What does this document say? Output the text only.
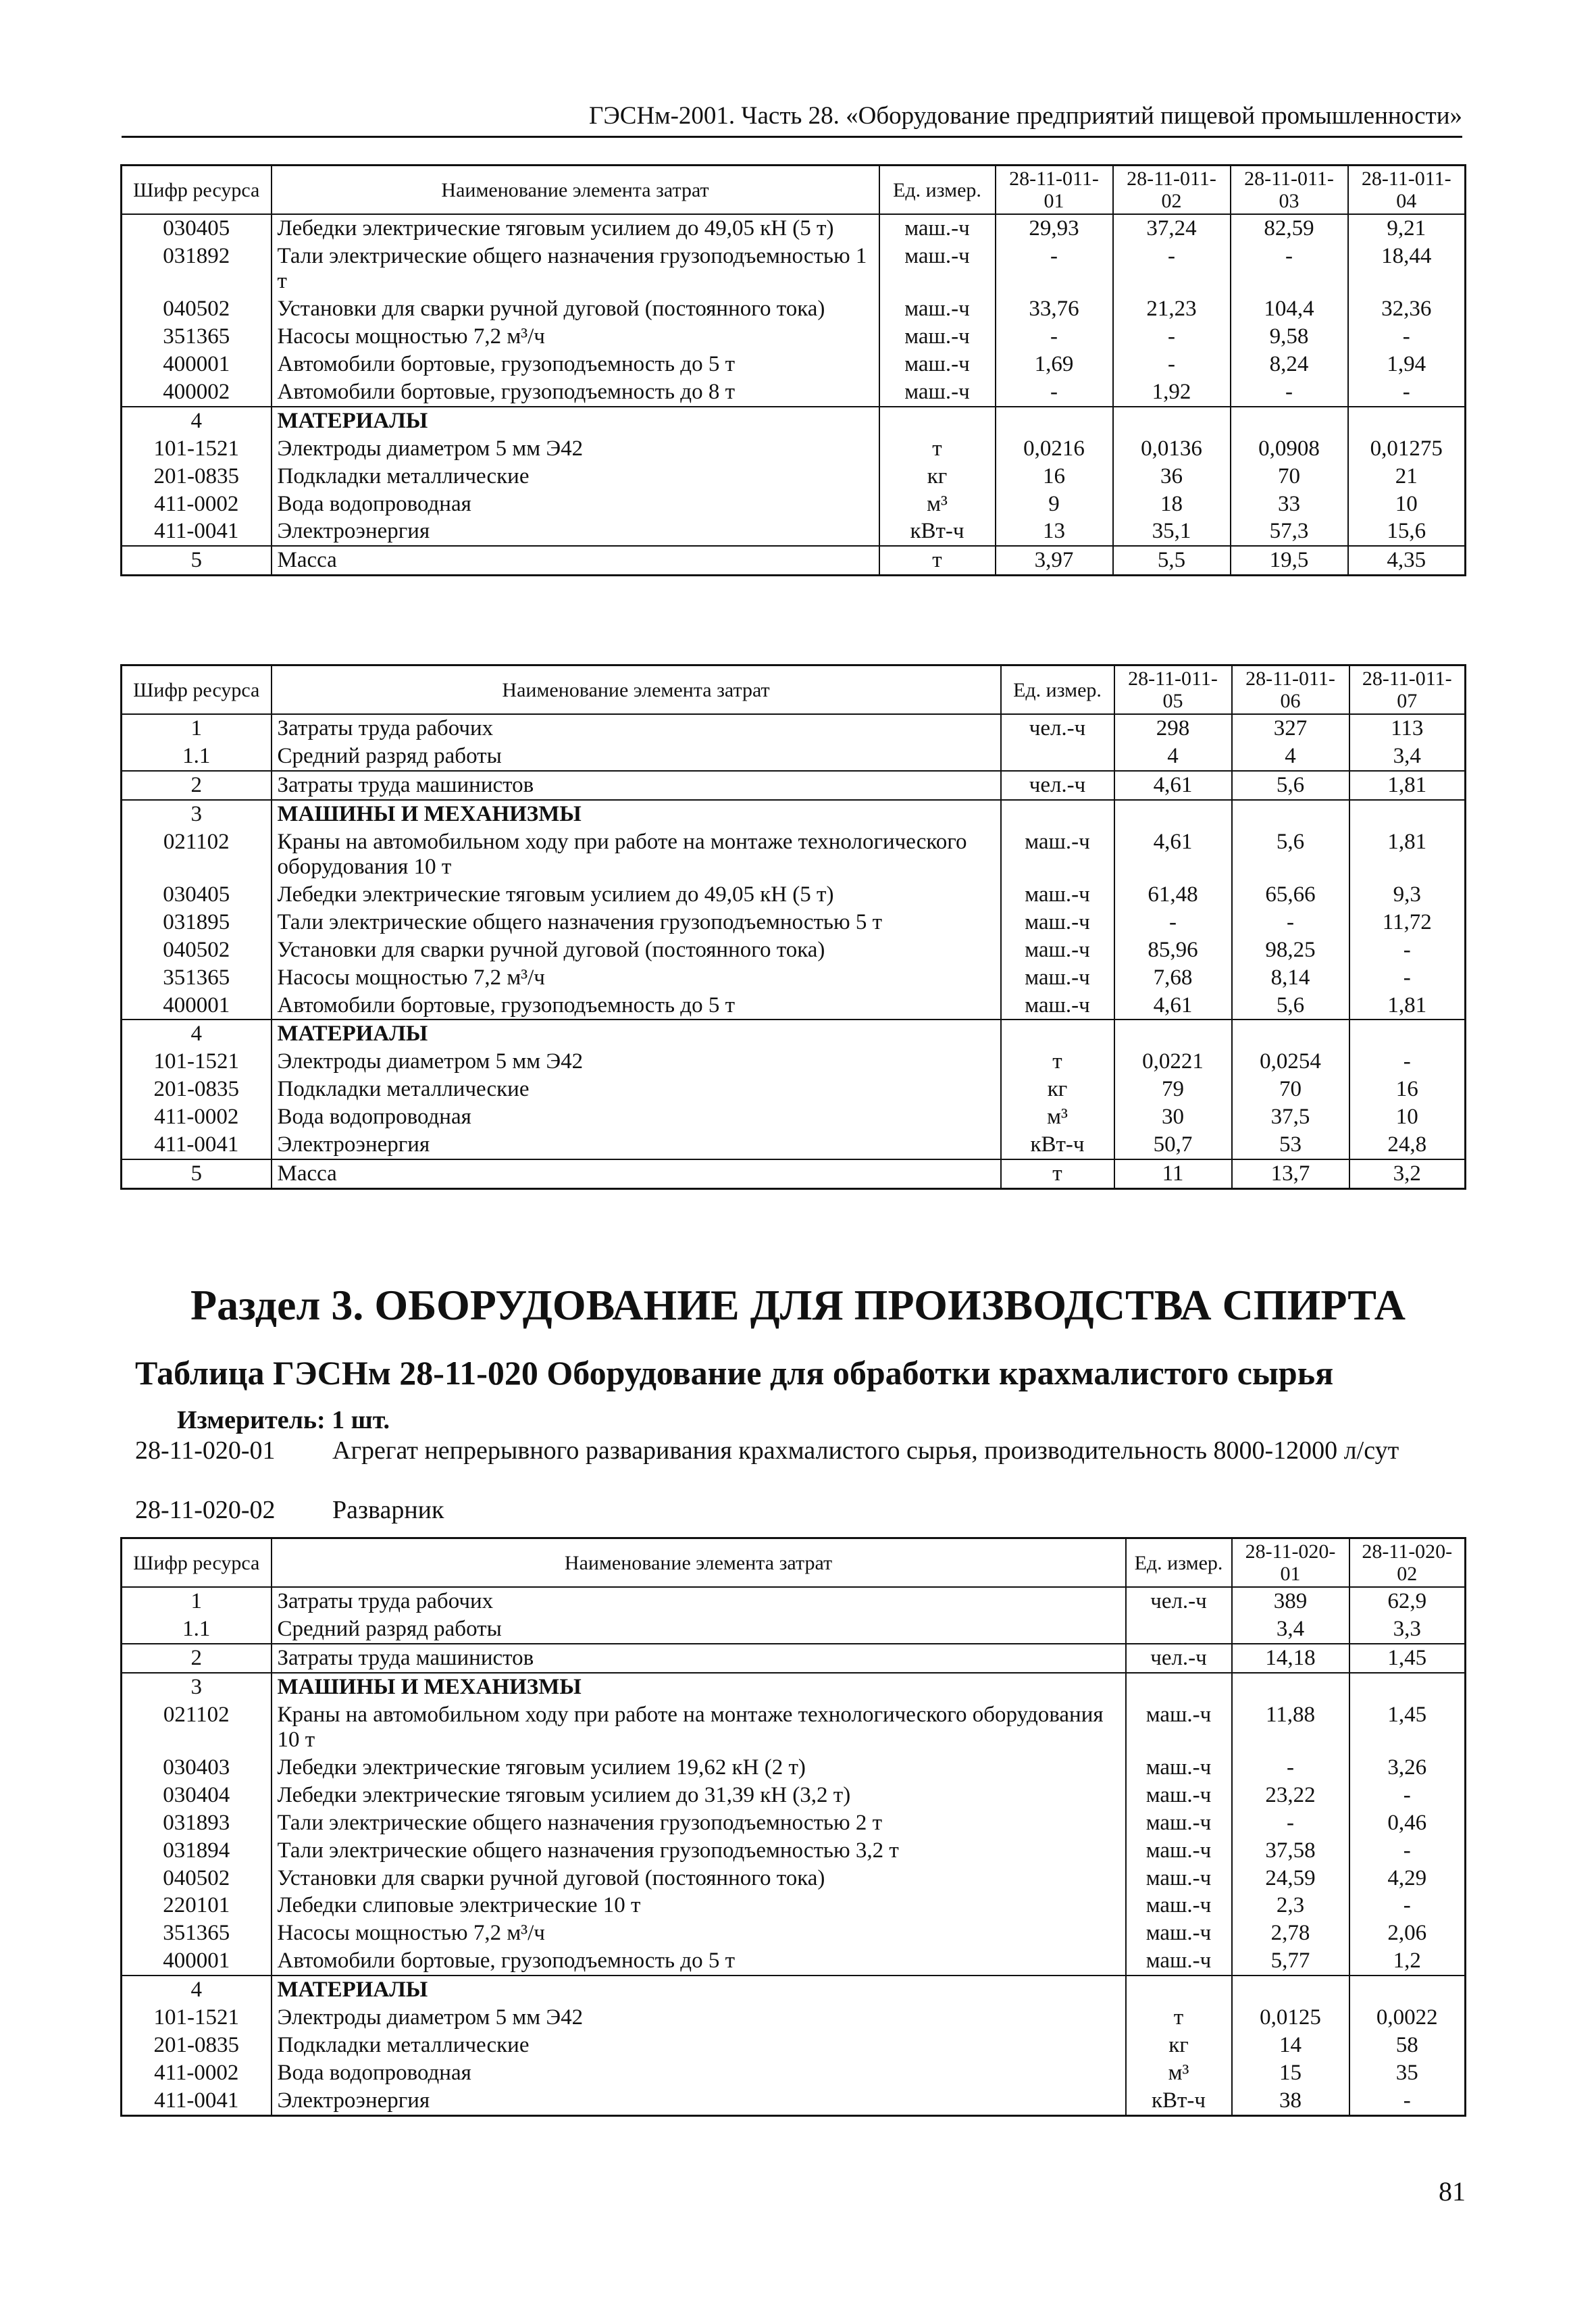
ГЭСНм-2001. Часть 28. «Оборудование предприятий пищевой промышленности»
Шифр ресурса	Наименование элемента затрат	Ед. измер.	28-11-011-01	28-11-011-02	28-11-011-03	28-11-011-04
030405	Лебедки электрические тяговым усилием до 49,05 кН (5 т)	маш.-ч	29,93	37,24	82,59	9,21
031892	Тали электрические общего назначения грузоподъемностью 1 т	маш.-ч	-	-	-	18,44
040502	Установки для сварки ручной дуговой (постоянного тока)	маш.-ч	33,76	21,23	104,4	32,36
351365	Насосы мощностью 7,2 м³/ч	маш.-ч	-	-	9,58	-
400001	Автомобили бортовые, грузоподъемность до 5 т	маш.-ч	1,69	-	8,24	1,94
400002	Автомобили бортовые, грузоподъемность до 8 т	маш.-ч	-	1,92	-	-
4	МАТЕРИАЛЫ					
101-1521	Электроды диаметром 5 мм Э42	т	0,0216	0,0136	0,0908	0,01275
201-0835	Подкладки металлические	кг	16	36	70	21
411-0002	Вода водопроводная	м³	9	18	33	10
411-0041	Электроэнергия	кВт-ч	13	35,1	57,3	15,6
5	Масса	т	3,97	5,5	19,5	4,35
Шифр ресурса	Наименование элемента затрат	Ед. измер.	28-11-011-05	28-11-011-06	28-11-011-07
1	Затраты труда рабочих	чел.-ч	298	327	113
1.1	Средний разряд работы		4	4	3,4
2	Затраты труда машинистов	чел.-ч	4,61	5,6	1,81
3	МАШИНЫ И МЕХАНИЗМЫ				
021102	Краны на автомобильном ходу при работе на монтаже технологического оборудования 10 т	маш.-ч	4,61	5,6	1,81
030405	Лебедки электрические тяговым усилием до 49,05 кН (5 т)	маш.-ч	61,48	65,66	9,3
031895	Тали электрические общего назначения грузоподъемностью 5 т	маш.-ч	-	-	11,72
040502	Установки для сварки ручной дуговой (постоянного тока)	маш.-ч	85,96	98,25	-
351365	Насосы мощностью 7,2 м³/ч	маш.-ч	7,68	8,14	-
400001	Автомобили бортовые, грузоподъемность до 5 т	маш.-ч	4,61	5,6	1,81
4	МАТЕРИАЛЫ				
101-1521	Электроды диаметром 5 мм Э42	т	0,0221	0,0254	-
201-0835	Подкладки металлические	кг	79	70	16
411-0002	Вода водопроводная	м³	30	37,5	10
411-0041	Электроэнергия	кВт-ч	50,7	53	24,8
5	Масса	т	11	13,7	3,2
Раздел 3. ОБОРУДОВАНИЕ ДЛЯ ПРОИЗВОДСТВА СПИРТА
Таблица ГЭСНм 28-11-020 Оборудование для обработки крахмалистого сырья
Измеритель: 1 шт.
28-11-020-01	Агрегат непрерывного разваривания крахмалистого сырья, производительность 8000-12000 л/сут
28-11-020-02	Разварник
Шифр ресурса	Наименование элемента затрат	Ед. измер.	28-11-020-01	28-11-020-02
1	Затраты труда рабочих	чел.-ч	389	62,9
1.1	Средний разряд работы		3,4	3,3
2	Затраты труда машинистов	чел.-ч	14,18	1,45
3	МАШИНЫ И МЕХАНИЗМЫ			
021102	Краны на автомобильном ходу при работе на монтаже технологического оборудования 10 т	маш.-ч	11,88	1,45
030403	Лебедки электрические тяговым усилием 19,62 кН (2 т)	маш.-ч	-	3,26
030404	Лебедки электрические тяговым усилием до 31,39 кН (3,2 т)	маш.-ч	23,22	-
031893	Тали электрические общего назначения грузоподъемностью 2 т	маш.-ч	-	0,46
031894	Тали электрические общего назначения грузоподъемностью 3,2 т	маш.-ч	37,58	-
040502	Установки для сварки ручной дуговой (постоянного тока)	маш.-ч	24,59	4,29
220101	Лебедки слиповые электрические 10 т	маш.-ч	2,3	-
351365	Насосы мощностью 7,2 м³/ч	маш.-ч	2,78	2,06
400001	Автомобили бортовые, грузоподъемность до 5 т	маш.-ч	5,77	1,2
4	МАТЕРИАЛЫ			
101-1521	Электроды диаметром 5 мм Э42	т	0,0125	0,0022
201-0835	Подкладки металлические	кг	14	58
411-0002	Вода водопроводная	м³	15	35
411-0041	Электроэнергия	кВт-ч	38	-
81
